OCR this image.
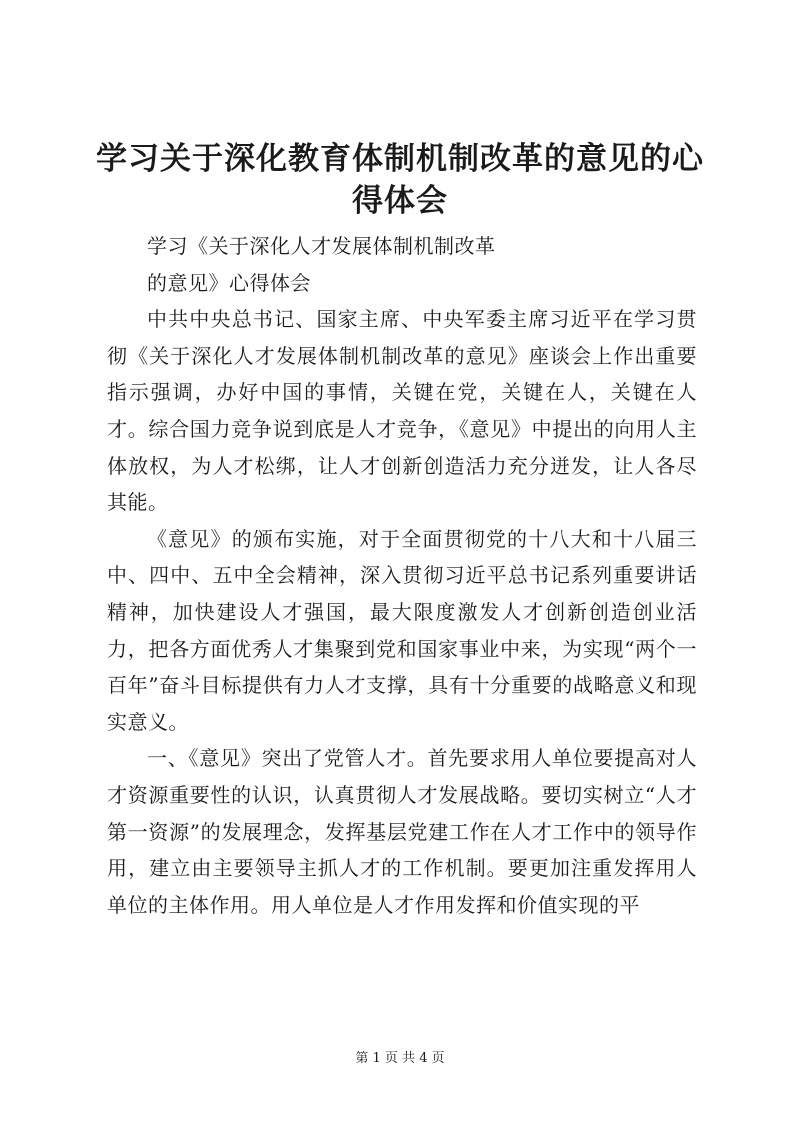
学习关于深化教育体制机制改革的意见的心得体会

学习《关于深化人才发展体制机制改革

的意见》心得体会

中共中央总书记、国家主席、中央军委主席习近平在学习贯彻《关于深化人才发展体制机制改革的意见》座谈会上作出重要指示强调，办好中国的事情，关键在党，关键在人，关键在人才。综合国力竞争说到底是人才竞争，《意见》中提出的向用人主体放权，为人才松绑，让人才创新创造活力充分迸发，让人各尽其能。

《意见》的颁布实施，对于全面贯彻党的十八大和十八届三中、四中、五中全会精神，深入贯彻习近平总书记系列重要讲话精神，加快建设人才强国，最大限度激发人才创新创造创业活力，把各方面优秀人才集聚到党和国家事业中来，为实现“两个一百年”奋斗目标提供有力人才支撑，具有十分重要的战略意义和现实意义。

一、《意见》突出了党管人才。首先要求用人单位要提高对人才资源重要性的认识，认真贯彻人才发展战略。要切实树立“人才第一资源”的发展理念，发挥基层党建工作在人才工作中的领导作用，建立由主要领导主抓人才的工作机制。要更加注重发挥用人单位的主体作用。用人单位是人才作用发挥和价值实现的平

第 1 页 共 4 页
